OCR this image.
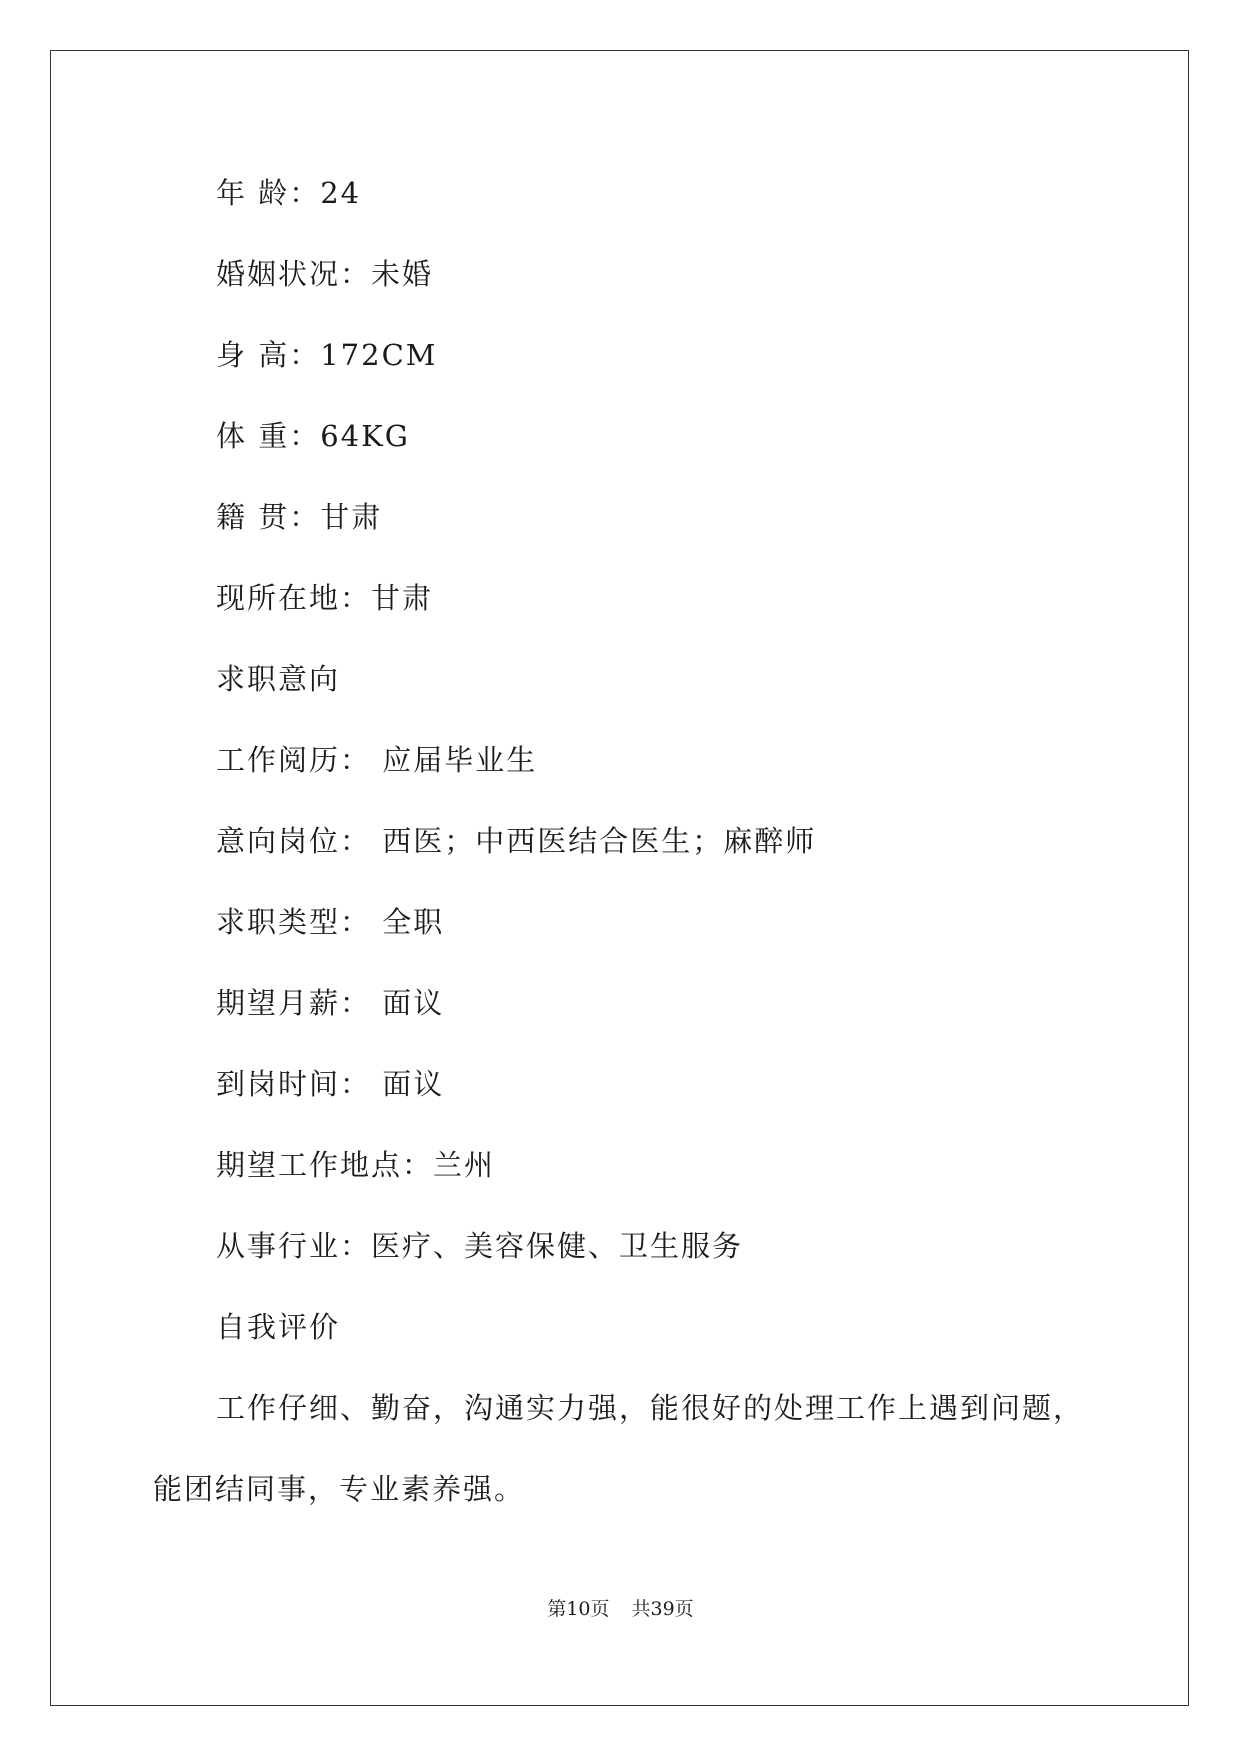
年 龄：24
婚姻状况：未婚
身 高：172CM
体 重：64KG
籍 贯：甘肃
现所在地：甘肃
求职意向
工作阅历： 应届毕业生
意向岗位： 西医；中西医结合医生；麻醉师
求职类型： 全职
期望月薪： 面议
到岗时间： 面议
期望工作地点：兰州
从事行业：医疗、美容保健、卫生服务
自我评价
工作仔细、勤奋，沟通实力强，能很好的处理工作上遇到问题，
能团结同事，专业素养强。
第10页 共39页
